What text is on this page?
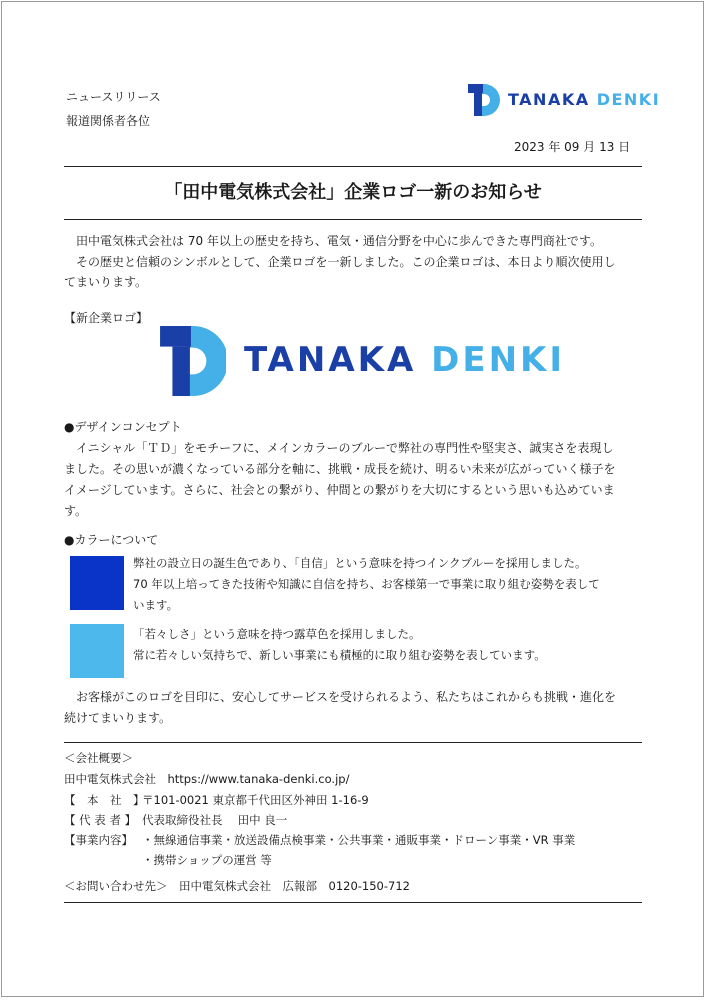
ニュースリリース
報道関係者各位
TANAKA DENKI
2023 年 09 月 13 日
「田中電気株式会社」企業ロゴ一新のお知らせ
田中電気株式会社は 70 年以上の歴史を持ち、電気・通信分野を中心に歩んできた専門商社です。
その歴史と信頼のシンボルとして、企業ロゴを一新しました。この企業ロゴは、本日より順次使用し
てまいります。
【新企業ロゴ】
TANAKA DENKI
●デザインコンセプト
イニシャル「ＴＤ」をモチーフに、メインカラーのブルーで弊社の専門性や堅実さ、誠実さを表現し
ました。その思いが濃くなっている部分を軸に、挑戦・成長を続け、明るい未来が広がっていく様子を
イメージしています。さらに、社会との繋がり、仲間との繋がりを大切にするという思いも込めていま
す。
●カラーについて
弊社の設立日の誕生色であり、「自信」という意味を持つインクブルーを採用しました。
70 年以上培ってきた技術や知識に自信を持ち、お客様第一で事業に取り組む姿勢を表して
います。
「若々しさ」という意味を持つ露草色を採用しました。
常に若々しい気持ちで、新しい事業にも積極的に取り組む姿勢を表しています。
お客様がこのロゴを目印に、安心してサービスを受けられるよう、私たちはこれからも挑戦・進化を
続けてまいります。
＜会社概要＞
田中電気株式会社　https://www.tanaka-denki.co.jp/
【　本　社　】
〒101-0021 東京都千代田区外神田 1-16-9
【 代 表 者 】 代表取締役社長　 田中 良一
【事業内容】 ・無線通信事業・放送設備点検事業・公共事業・通販事業・ドローン事業・VR 事業
・携帯ショップの運営 等
＜お問い合わせ先＞　田中電気株式会社　広報部　0120-150-712
